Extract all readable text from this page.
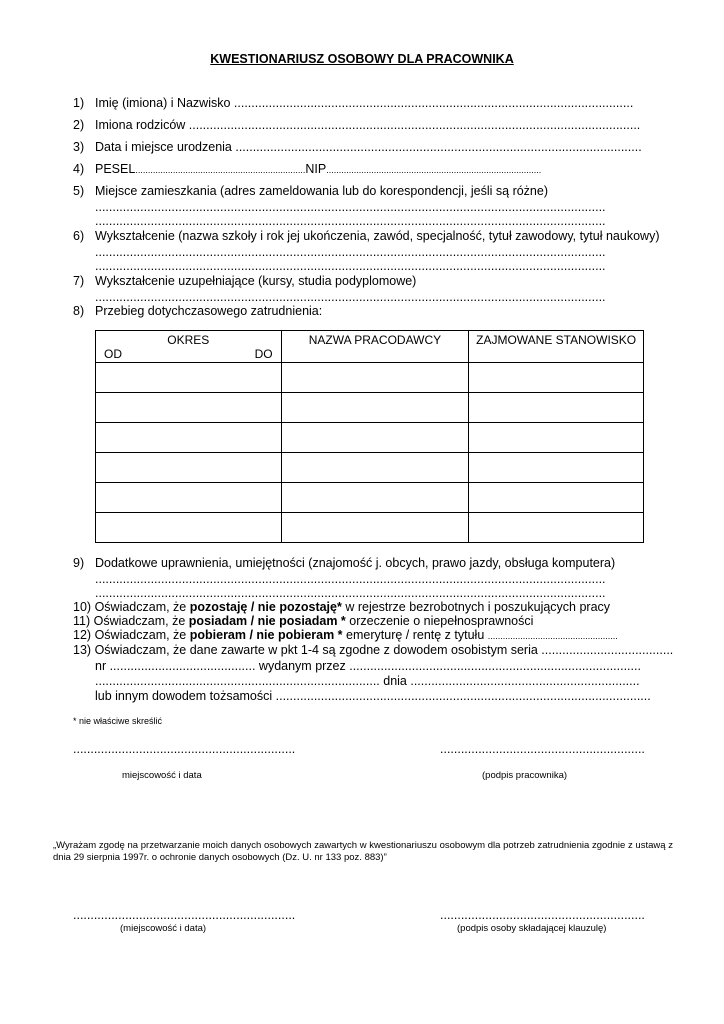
KWESTIONARIUSZ OSOBOWY DLA PRACOWNIKA
1) Imię (imiona) i Nazwisko ...................................................................................................................
2) Imiona rodziców ..................................................................................................................................
3) Data i miejsce urodzenia .....................................................................................................................
4) PESEL....................................................................NIP......................................................................................
5) Miejsce zamieszkania (adres zameldowania lub do korespondencji, jeśli są różne)
...................................................................................................................................................
...................................................................................................................................................
6) Wykształcenie (nazwa szkoły i rok jej ukończenia, zawód, specjalność, tytuł zawodowy, tytuł naukowy)
...................................................................................................................................................
...................................................................................................................................................
7) Wykształcenie uzupełniające (kursy, studia podyplomowe)
...................................................................................................................................................
8) Przebieg dotychczasowego zatrudnienia:
OKRES
OD DO	NAZWA PRACODAWCY	ZAJMOWANE STANOWISKO

9) Dodatkowe uprawnienia, umiejętności (znajomość j. obcych, prawo jazdy, obsługa komputera)
...................................................................................................................................................
...................................................................................................................................................
10) Oświadczam, że pozostaję / nie pozostaję* w rejestrze bezrobotnych i poszukujących pracy
11) Oświadczam, że posiadam / nie posiadam * orzeczenie o niepełnosprawności
12) Oświadczam, że pobieram / nie pobieram * emeryturę / rentę z tytułu ....................................................
13) Oświadczam, że dane zawarte w pkt 1-4 są zgodne z dowodem osobistym seria ......................................
nr .......................................... wydanym przez ....................................................................................
.................................................................................. dnia ..................................................................
lub innym dowodem tożsamości ............................................................................................................
* nie właściwe skreślić
................................................................
miejscowość i data
...........................................................
(podpis pracownika)
„Wyrażam zgodę na przetwarzanie moich danych osobowych zawartych w kwestionariuszu osobowym dla potrzeb zatrudnienia zgodnie z ustawą z dnia 29 sierpnia 1997r. o ochronie danych osobowych (Dz. U. nr 133 poz. 883)”
................................................................
(miejscowość i data)
...........................................................
(podpis osoby składającej klauzulę)
